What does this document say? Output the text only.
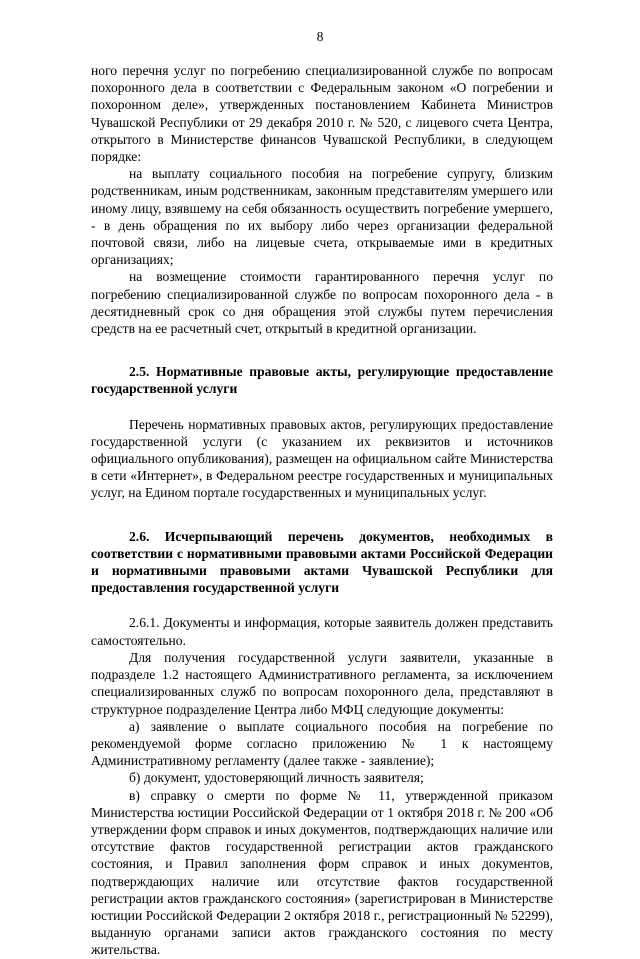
8

ного перечня услуг по погребению специализированной службе по вопросам похоронного дела в соответствии с Федеральным законом «О погребении и похоронном деле», утвержденных постановлением Кабинета Министров Чувашской Республики от 29 декабря 2010 г. № 520, с лицевого счета Центра, открытого в Министерстве финансов Чувашской Республики, в следующем порядке:

на выплату социального пособия на погребение супругу, близким родственникам, иным родственникам, законным представителям умершего или иному лицу, взявшему на себя обязанность осуществить погребение умершего, - в день обращения по их выбору либо через организации федеральной почтовой связи, либо на лицевые счета, открываемые ими в кредитных организациях;

на возмещение стоимости гарантированного перечня услуг по погребению специализированной службе по вопросам похоронного дела - в десятидневный срок со дня обращения этой службы путем перечисления средств на ее расчетный счет, открытый в кредитной организации.

2.5. Нормативные правовые акты, регулирующие предоставление государственной услуги

Перечень нормативных правовых актов, регулирующих предоставление государственной услуги (с указанием их реквизитов и источников официального опубликования), размещен на официальном сайте Министерства в сети «Интернет», в Федеральном реестре государственных и муниципальных услуг, на Едином портале государственных и муниципальных услуг.

2.6. Исчерпывающий перечень документов, необходимых в соответствии с нормативными правовыми актами Российской Федерации и нормативными правовыми актами Чувашской Республики для предоставления государственной услуги

2.6.1. Документы и информация, которые заявитель должен представить самостоятельно.

Для получения государственной услуги заявители, указанные в подразделе 1.2 настоящего Административного регламента, за исключением специализированных служб по вопросам похоронного дела, представляют в структурное подразделение Центра либо МФЦ следующие документы:

а) заявление о выплате социального пособия на погребение по рекомендуемой форме согласно приложению № 1 к настоящему Административному регламенту (далее также - заявление);

б) документ, удостоверяющий личность заявителя;

в) справку о смерти по форме № 11, утвержденной приказом Министерства юстиции Российской Федерации от 1 октября 2018 г. № 200 «Об утверждении форм справок и иных документов, подтверждающих наличие или отсутствие фактов государственной регистрации актов гражданского состояния, и Правил заполнения форм справок и иных документов, подтверждающих наличие или отсутствие фактов государственной регистрации актов гражданского состояния» (зарегистрирован в Министерстве юстиции Российской Федерации 2 октября 2018 г., регистрационный № 52299), выданную органами записи актов гражданского состояния по месту жительства.
